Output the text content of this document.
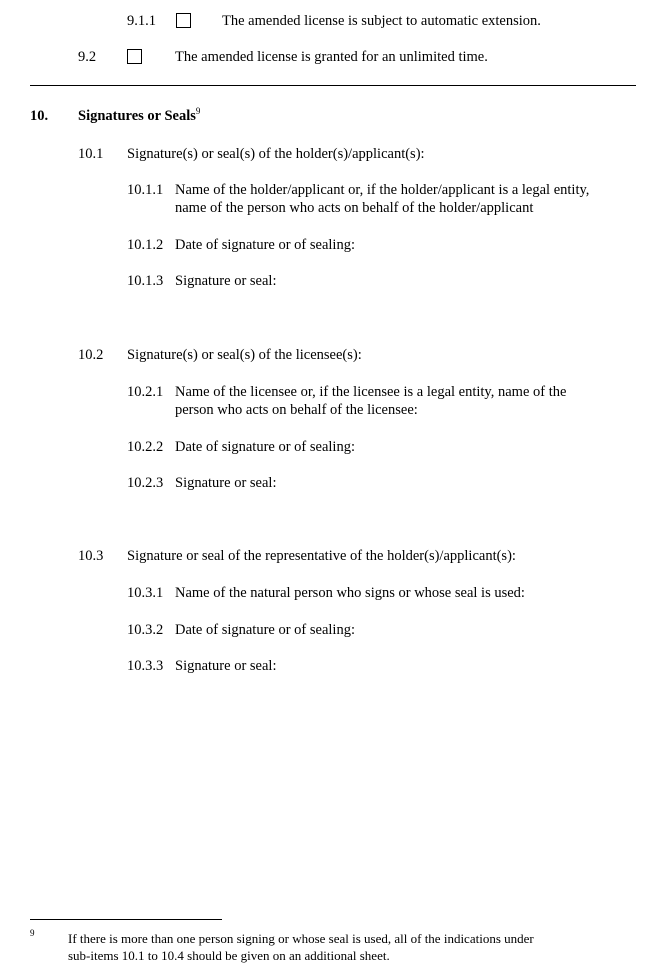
9.1.1	The amended license is subject to automatic extension.
9.2	The amended license is granted for an unlimited time.
10. Signatures or Seals$^9$
10.1 Signature(s) or seal(s) of the holder(s)/applicant(s):
10.1.1 Name of the holder/applicant or, if the holder/applicant is a legal entity,
name of the person who acts on behalf of the holder/applicant
10.1.2 Date of signature or of sealing:
10.1.3 Signature or seal:
10.2 Signature(s) or seal(s) of the licensee(s):
10.2.1 Name of the licensee or, if the licensee is a legal entity, name of the
person who acts on behalf of the licensee:
10.2.2 Date of signature or of sealing:
10.2.3 Signature or seal:
10.3 Signature or seal of the representative of the holder(s)/applicant(s):
10.3.1 Name of the natural person who signs or whose seal is used:
10.3.2 Date of signature or of sealing:
10.3.3 Signature or seal:
9	If there is more than one person signing or whose seal is used, all of the indications under
sub-items 10.1 to 10.4 should be given on an additional sheet.
